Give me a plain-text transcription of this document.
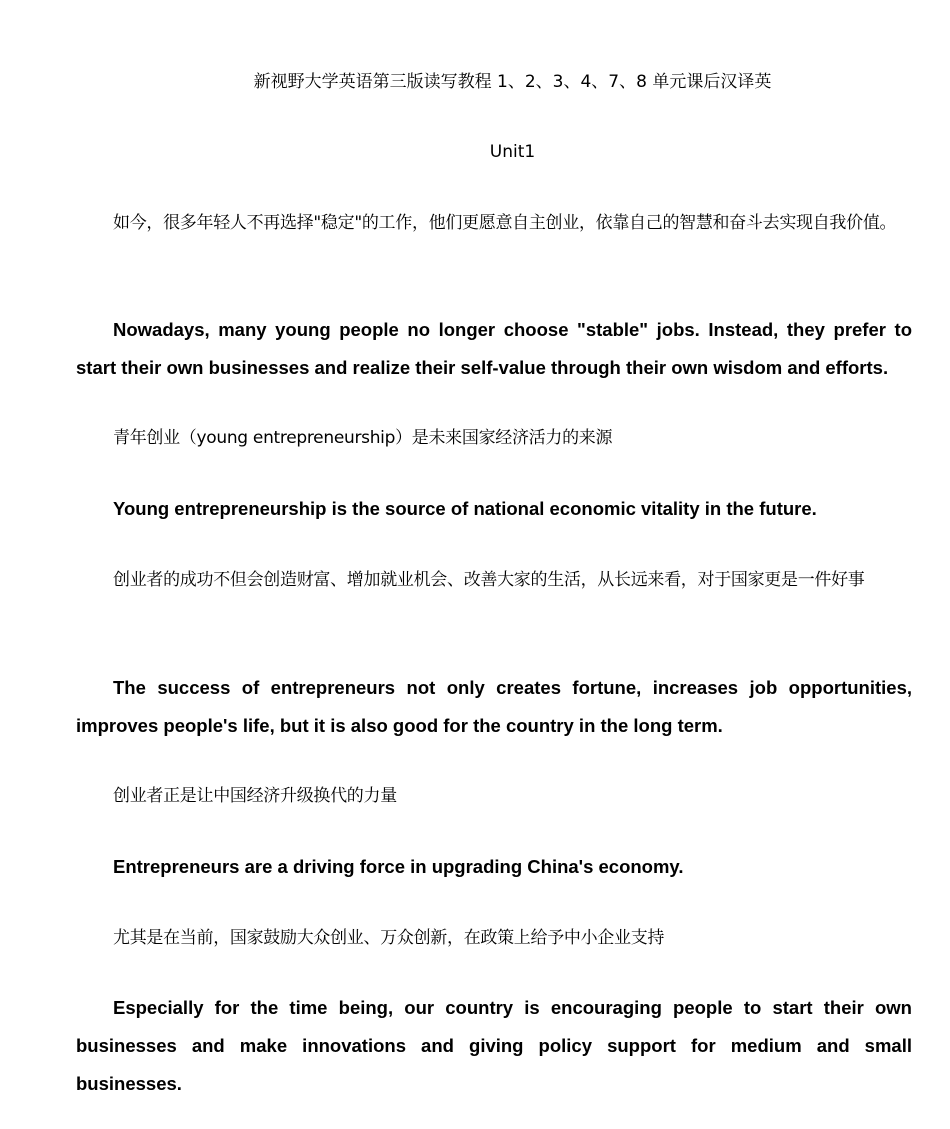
新视野大学英语第三版读写教程 1、2、3、4、7、8 单元课后汉译英
Unit1

如今，很多年轻人不再选择"稳定"的工作，他们更愿意自主创业，依靠自己的智慧和奋斗去实现自我价值。

Nowadays, many young people no longer choose "stable" jobs. Instead, they prefer to start their own businesses and realize their self-value through their own wisdom and efforts.

青年创业（young entrepreneurship）是未来国家经济活力的来源

Young entrepreneurship is the source of national economic vitality in the future.

创业者的成功不但会创造财富、增加就业机会、改善大家的生活，从长远来看，对于国家更是一件好事

The success of entrepreneurs not only creates fortune, increases job opportunities, improves people's life, but it is also good for the country in the long term.

创业者正是让中国经济升级换代的力量

Entrepreneurs are a driving force in upgrading China's economy.

尤其是在当前，国家鼓励大众创业、万众创新，在政策上给予中小企业支持

Especially for the time being, our country is encouraging people to start their own businesses and make innovations and giving policy support for medium and small businesses.
